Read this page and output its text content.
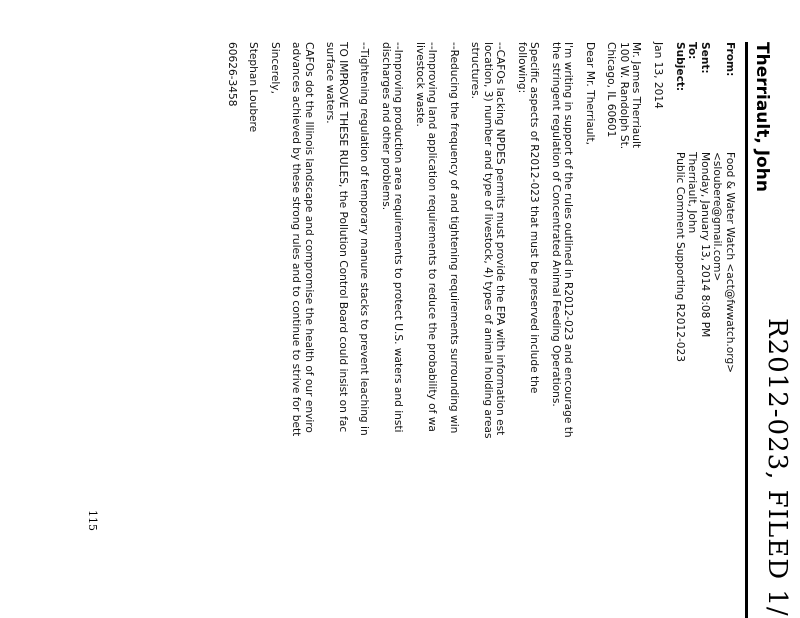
R2012-023, FILED 1/
Therriault, John
From:
Food & Water Watch <act@fwwatch.org>
<sloubere@gmail.com>
Sent:
Monday, January 13, 2014 8:08 PM
To:
Therriault, John
Subject:
Public Comment Supporting R2012-023

Jan 13, 2014

Mr. James Therriault

100 W. Randolph St.

Chicago, IL 60601

Dear Mr. Therriault,

I'm writing in support of the rules outlined in R2012-023 and encourage th
the stringent regulation of Concentrated Animal Feeding Operations.

Specific aspects of R2012-023 that must be preserved include the
following:

--CAFOs lacking NPDES permits must provide the EPA with information est
location, 3) number and type of livestock, 4) types of animal holding areas
structures.

--Reducing the frequency of and tightening requirements surrounding win

--Improving land application requirements to reduce the probability of wa
livestock waste.

--Improving production area requirements to protect U.S. waters and insti
discharges and other problems.

--Tightening regulation of temporary manure stacks to prevent leaching in

TO IMPROVE THESE RULES, the Pollution Control Board could insist on fac
surface waters.

CAFOs dot the Illinois landscape and compromise the health of our enviro
advances achieved by these strong rules and to continue to strive for bett

Sincerely,

Stephan Loubere

60626-3458

115
